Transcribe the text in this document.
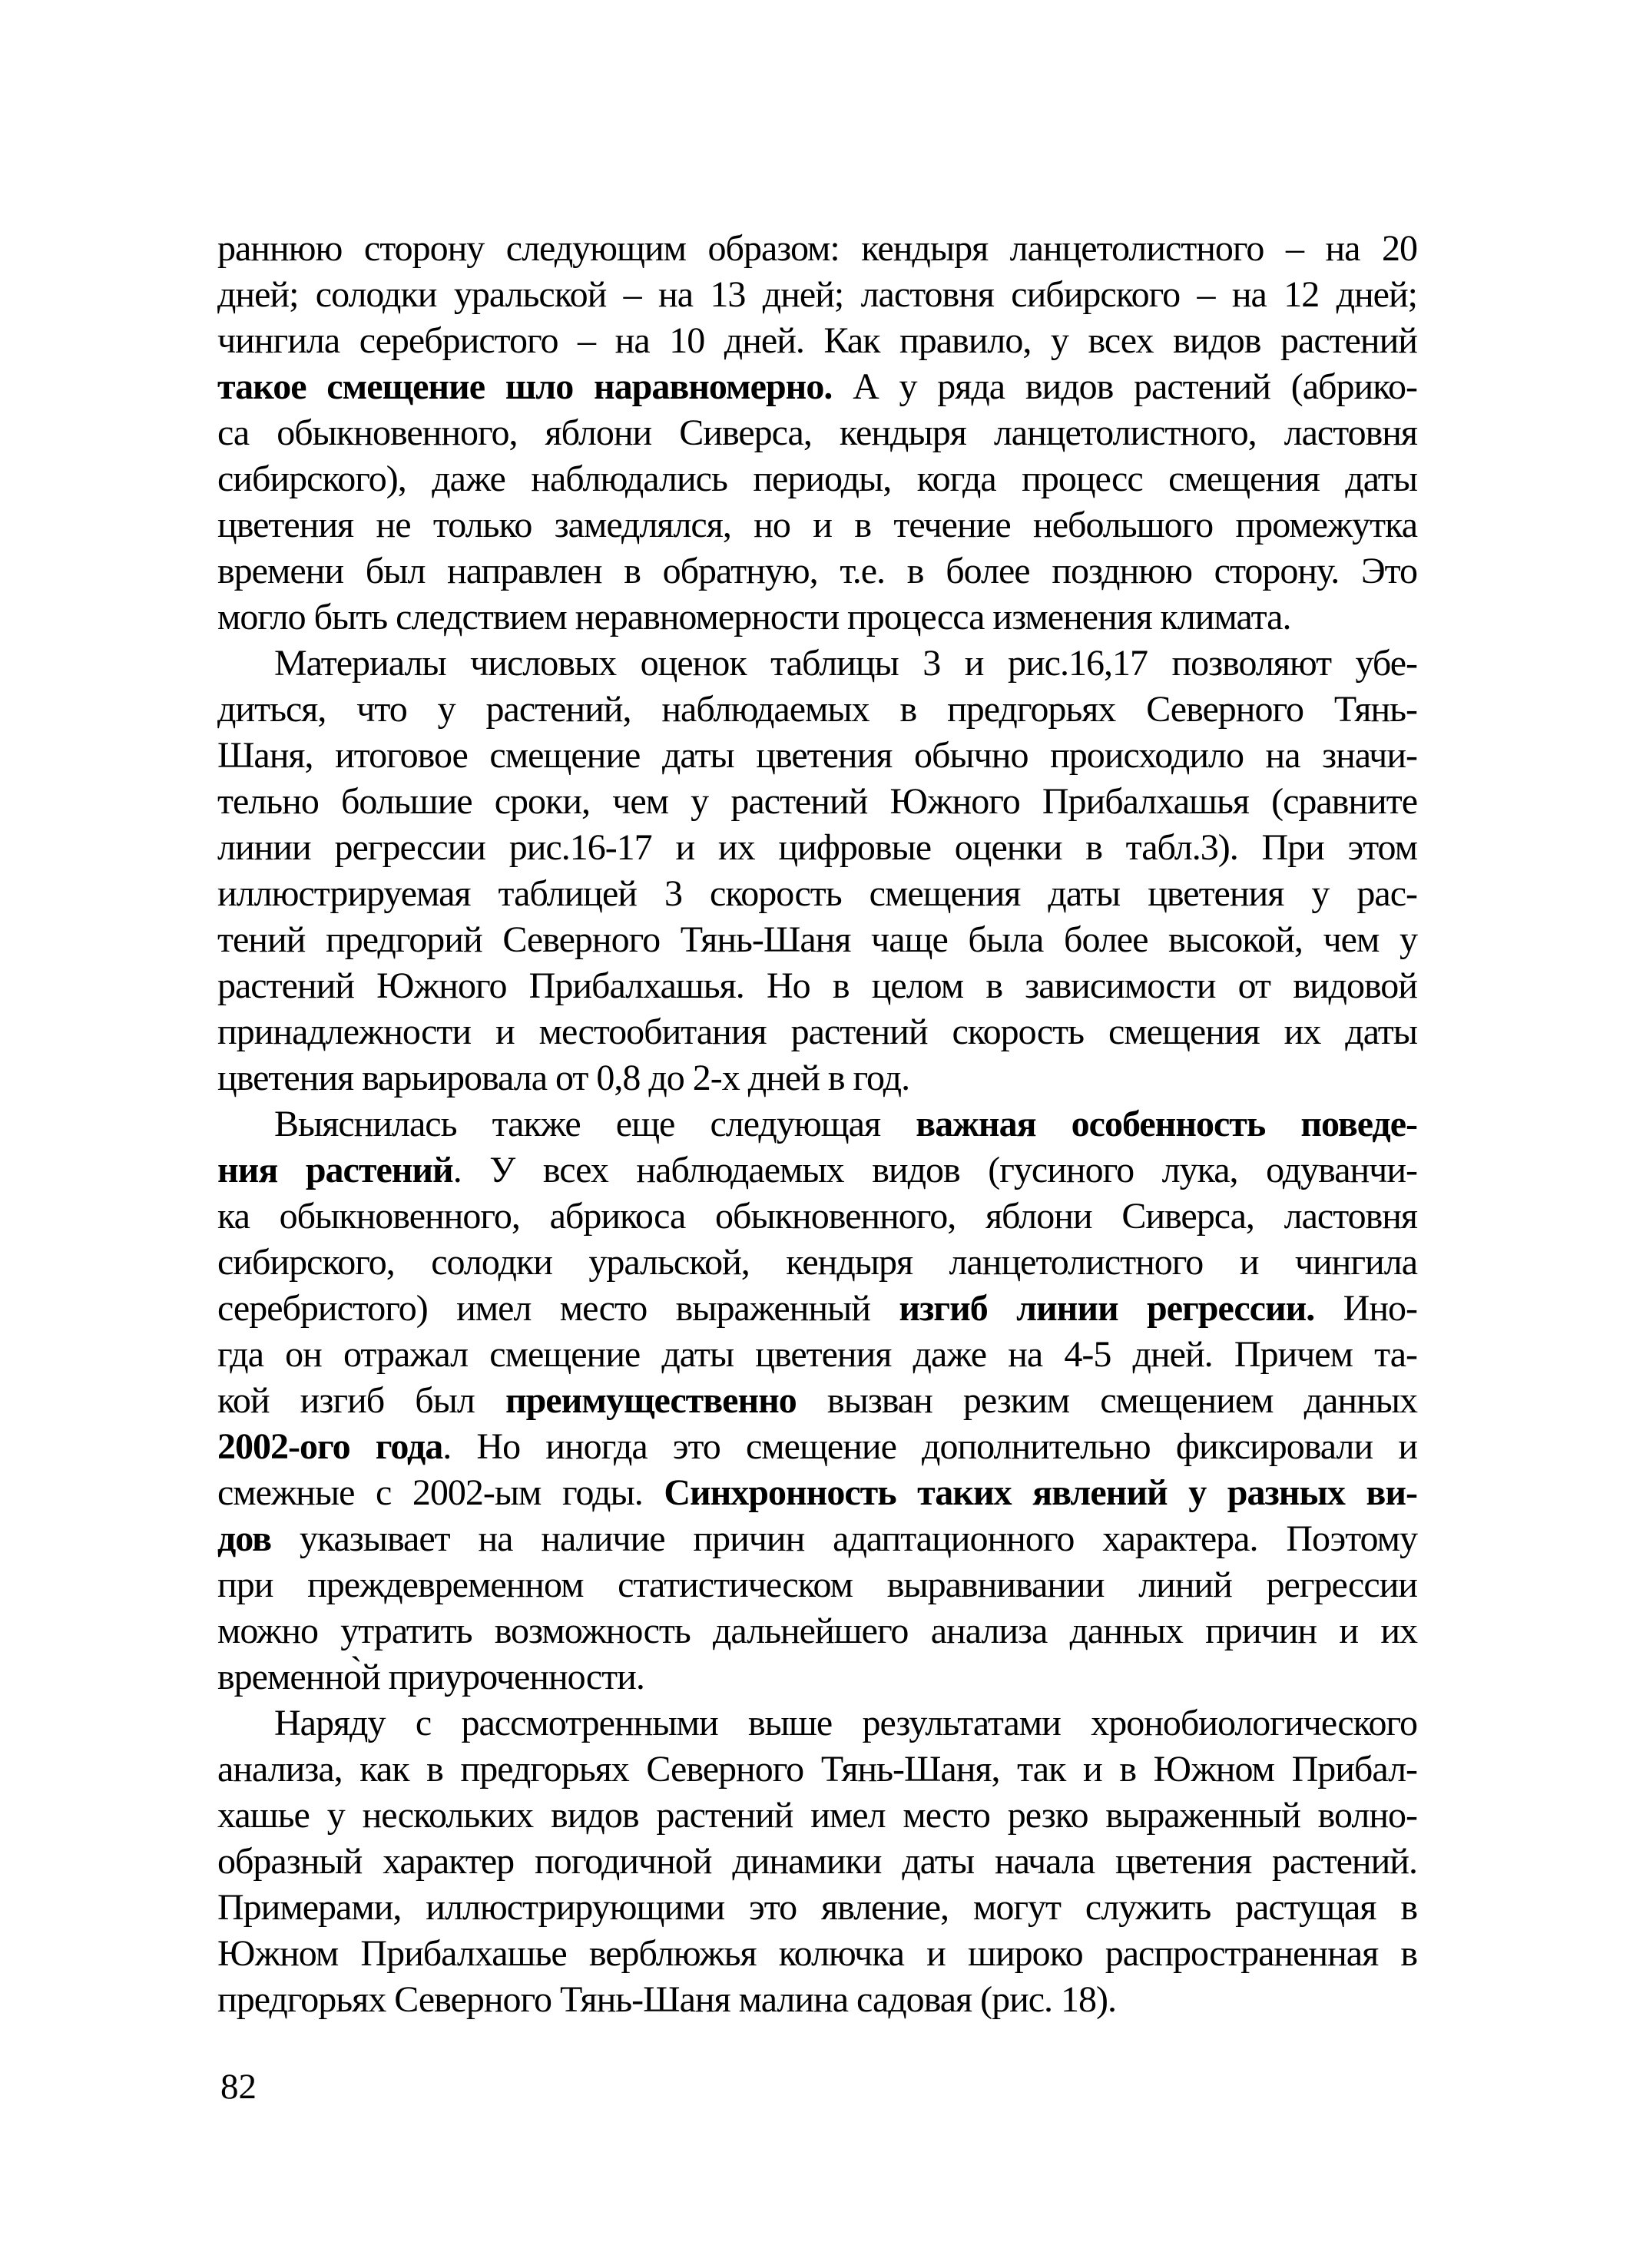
раннюю сторону следующим образом: кендыря ланцетолистного – на 20
дней; солодки уральской – на 13 дней; ластовня сибирского – на 12 дней;
чингила серебристого – на 10 дней. Как правило, у всех видов растений
такое смещение шло наравномерно. А у ряда видов растений (абрико-
са обыкновенного, яблони Сиверса, кендыря ланцетолистного, ластовня
сибирского), даже наблюдались периоды, когда процесс смещения даты
цветения не только замедлялся, но и в течение небольшого промежутка
времени был направлен в обратную, т.е. в более позднюю сторону. Это
могло быть следствием неравномерности процесса изменения климата.
Материалы числовых оценок таблицы 3 и рис.16,17 позволяют убе-
диться, что у растений, наблюдаемых в предгорьях Северного Тянь-
Шаня, итоговое смещение даты цветения обычно происходило на значи-
тельно большие сроки, чем у растений Южного Прибалхашья (сравните
линии регрессии рис.16-17 и их цифровые оценки в табл.3). При этом
иллюстрируемая таблицей 3 скорость смещения даты цветения у рас-
тений предгорий Северного Тянь-Шаня чаще была более высокой, чем у
растений Южного Прибалхашья. Но в целом в зависимости от видовой
принадлежности и местообитания растений скорость смещения их даты
цветения варьировала от 0,8 до 2-х дней в год.
Выяснилась также еще следующая важная особенность поведе-
ния растений. У всех наблюдаемых видов (гусиного лука, одуванчи-
ка обыкновенного, абрикоса обыкновенного, яблони Сиверса, ластовня
сибирского, солодки уральской, кендыря ланцетолистного и чингила
серебристого) имел место выраженный изгиб линии регрессии. Ино-
гда он отражал смещение даты цветения даже на 4-5 дней. Причем та-
кой изгиб был преимущественно вызван резким смещением данных
2002-ого года. Но иногда это смещение дополнительно фиксировали и
смежные с 2002-ым годы. Синхронность таких явлений у разных ви-
дов указывает на наличие причин адаптационного характера. Поэтому
при преждевременном статистическом выравнивании линий регрессии
можно утратить возможность дальнейшего анализа данных причин и их
временно̀й приуроченности.
Наряду с рассмотренными выше результатами хронобиологического
анализа, как в предгорьях Северного Тянь-Шаня, так и в Южном Прибал-
хашье у нескольких видов растений имел место резко выраженный волно-
образный характер погодичной динамики даты начала цветения растений.
Примерами, иллюстрирующими это явление, могут служить растущая в
Южном Прибалхашье верблюжья колючка и широко распространенная в
предгорьях Северного Тянь-Шаня малина садовая (рис. 18).
82
